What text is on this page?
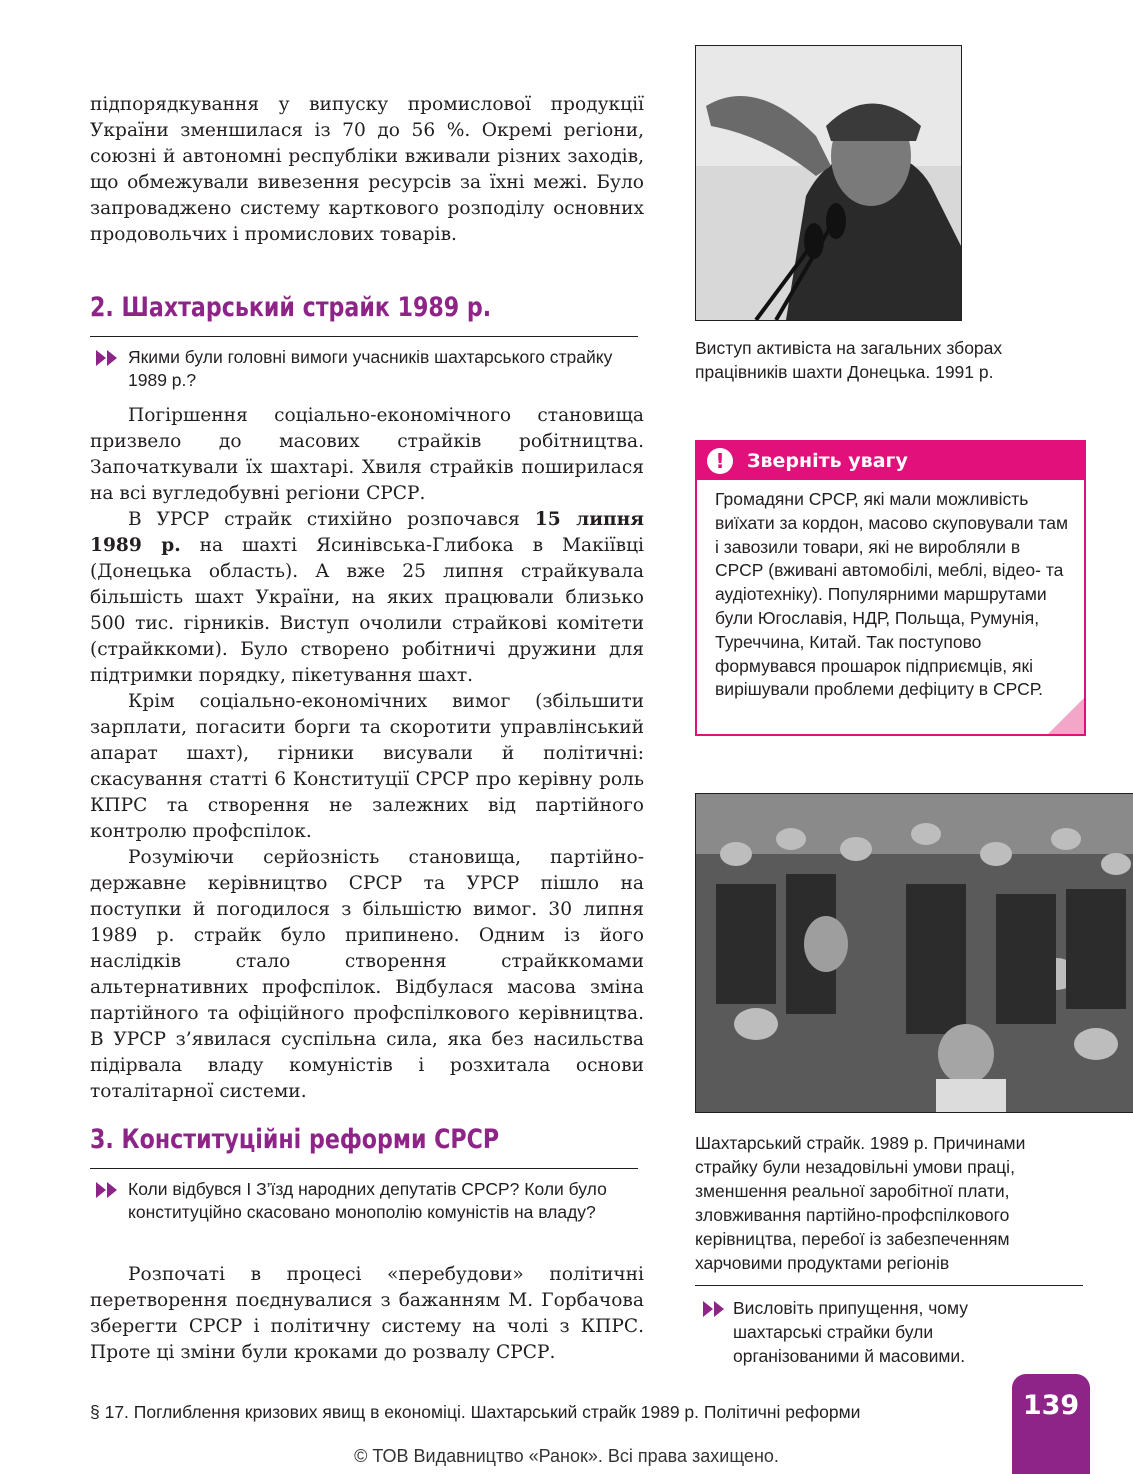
підпорядкування у випуску промислової продукції України зменшилася із 70 до 56 %. Окремі регіони, союзні й автономні республіки вживали різних заходів, що обмежували вивезення ресурсів за їхні межі. Було запроваджено систему карткового розподілу основних продовольчих і промислових товарів.

2. Шахтарський страйк 1989 р.
Якими були головні вимоги учасників шахтарського страйку 1989 р.?

Погіршення соціально-економічного становища призвело до масових страйків робітництва. Започаткували їх шахтарі. Хвиля страйків поширилася на всі вугледобувні регіони СРСР.

В УРСР страйк стихійно розпочався 15 липня 1989 р. на шахті Ясинівська-Глибока в Макіївці (Донецька область). А вже 25 липня страйкувала більшість шахт України, на яких працювали близько 500 тис. гірників. Виступ очолили страйкові комітети (страйккоми). Було створено робітничі дружини для підтримки порядку, пікетування шахт.

Крім соціально-економічних вимог (збільшити зарплати, погасити борги та скоротити управлінський апарат шахт), гірники висували й політичні: скасування статті 6 Конституції СРСР про керівну роль КПРС та створення не залежних від партійного контролю профспілок.

Розуміючи серйозність становища, партійно-державне керівництво СРСР та УРСР пішло на поступки й погодилося з більшістю вимог. 30 липня 1989 р. страйк було припинено. Одним із його наслідків стало створення страйккомами альтернативних профспілок. Відбулася масова зміна партійного та офіційного профспілкового керівництва. В УРСР з’явилася суспільна сила, яка без насильства підірвала владу комуністів і розхитала основи тоталітарної системи.

3. Конституційні реформи СРСР
Коли відбувся І З’їзд народних депутатів СРСР? Коли було конституційно скасовано монополію комуністів на владу?

Розпочаті в процесі «перебудови» політичні перетворення поєднувалися з бажанням М. Горбачова зберегти СРСР і політичну систему на чолі з КПРС. Проте ці зміни були кроками до розвалу СРСР.

Виступ активіста на загальних зборах працівників шахти Донецька. 1991 р.
!	Зверніть увагу
Громадяни СРСР, які мали можливість виїхати за кордон, масово скуповували там і завозили товари, які не виробляли в СРСР (вживані автомобілі, меблі, відео- та аудіотехніку). Популярними маршрутами були Югославія, НДР, Польща, Румунія, Туреччина, Китай. Так поступово формувався прошарок підприємців, які вирішували проблеми дефіциту в СРСР.
Шахтарський страйк. 1989 р. Причинами страйку були незадовільні умови праці, зменшення реальної заробітної плати, зловживання партійно-профспілкового керівництва, перебої із забезпеченням харчовими продуктами регіонів
Висловіть припущення, чому шахтарські страйки були організованими й масовими.
§ 17. Поглиблення кризових явищ в економіці. Шахтарський страйк 1989 р. Політичні реформи	139
© ТОВ Видавництво «Ранок». Всі права захищено.
